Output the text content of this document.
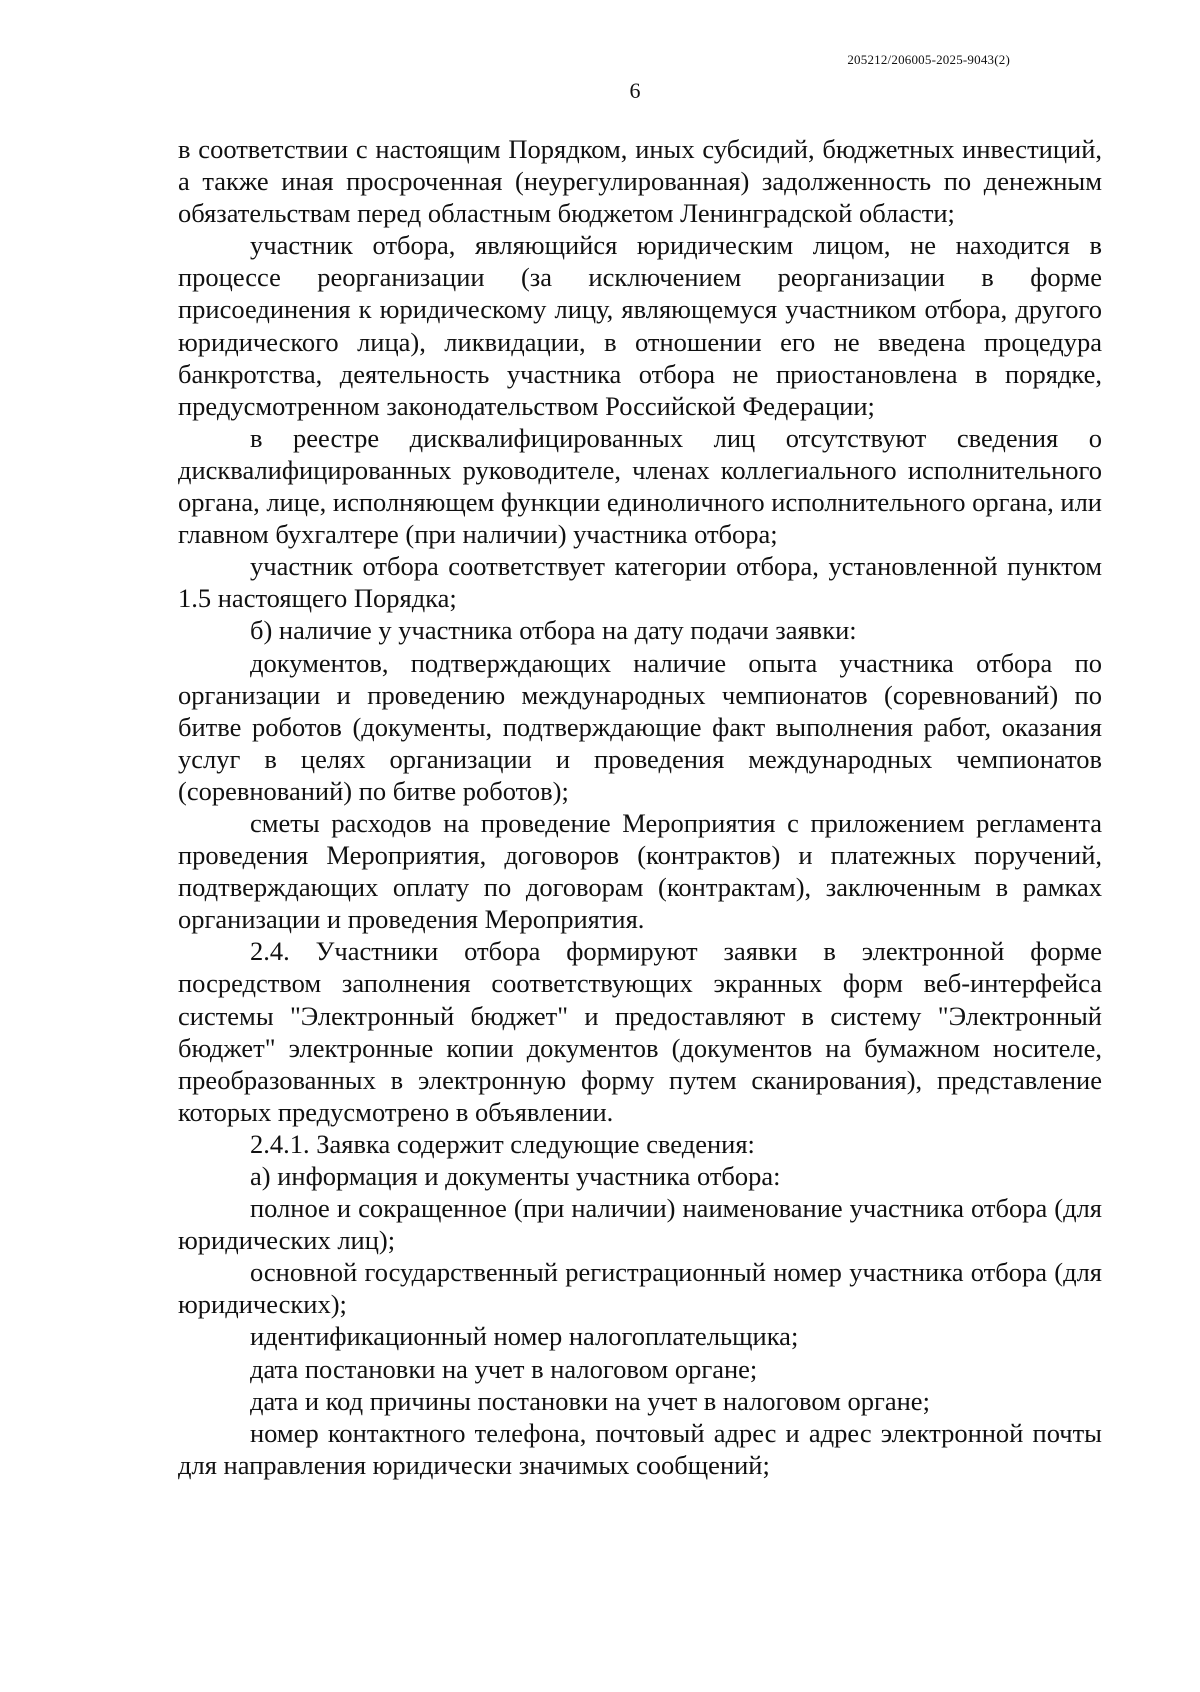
205212/206005-2025-9043(2)
6

в соответствии с настоящим Порядком, иных субсидий, бюджетных инвестиций, а также иная просроченная (неурегулированная) задолженность по денежным обязательствам перед областным бюджетом Ленинградской области;

участник отбора, являющийся юридическим лицом, не находится в процессе реорганизации (за исключением реорганизации в форме присоединения к юридическому лицу, являющемуся участником отбора, другого юридического лица), ликвидации, в отношении его не введена процедура банкротства, деятельность участника отбора не приостановлена в порядке, предусмотренном законодательством Российской Федерации;

в реестре дисквалифицированных лиц отсутствуют сведения о дисквалифицированных руководителе, членах коллегиального исполнительного органа, лице, исполняющем функции единоличного исполнительного органа, или главном бухгалтере (при наличии) участника отбора;

участник отбора соответствует категории отбора, установленной пунктом 1.5 настоящего Порядка;

б) наличие у участника отбора на дату подачи заявки:

документов, подтверждающих наличие опыта участника отбора по организации и проведению международных чемпионатов (соревнований) по битве роботов (документы, подтверждающие факт выполнения работ, оказания услуг в целях организации и проведения международных чемпионатов (соревнований) по битве роботов);

сметы расходов на проведение Мероприятия с приложением регламента проведения Мероприятия, договоров (контрактов) и платежных поручений, подтверждающих оплату по договорам (контрактам), заключенным в рамках организации и проведения Мероприятия.

2.4. Участники отбора формируют заявки в электронной форме посредством заполнения соответствующих экранных форм веб-интерфейса системы "Электронный бюджет" и предоставляют в систему "Электронный бюджет" электронные копии документов (документов на бумажном носителе, преобразованных в электронную форму путем сканирования), представление которых предусмотрено в объявлении.

2.4.1. Заявка содержит следующие сведения:

а) информация и документы участника отбора:

полное и сокращенное (при наличии) наименование участника отбора (для юридических лиц);

основной государственный регистрационный номер участника отбора (для юридических);

идентификационный номер налогоплательщика;

дата постановки на учет в налоговом органе;

дата и код причины постановки на учет в налоговом органе;

номер контактного телефона, почтовый адрес и адрес электронной почты для направления юридически значимых сообщений;
